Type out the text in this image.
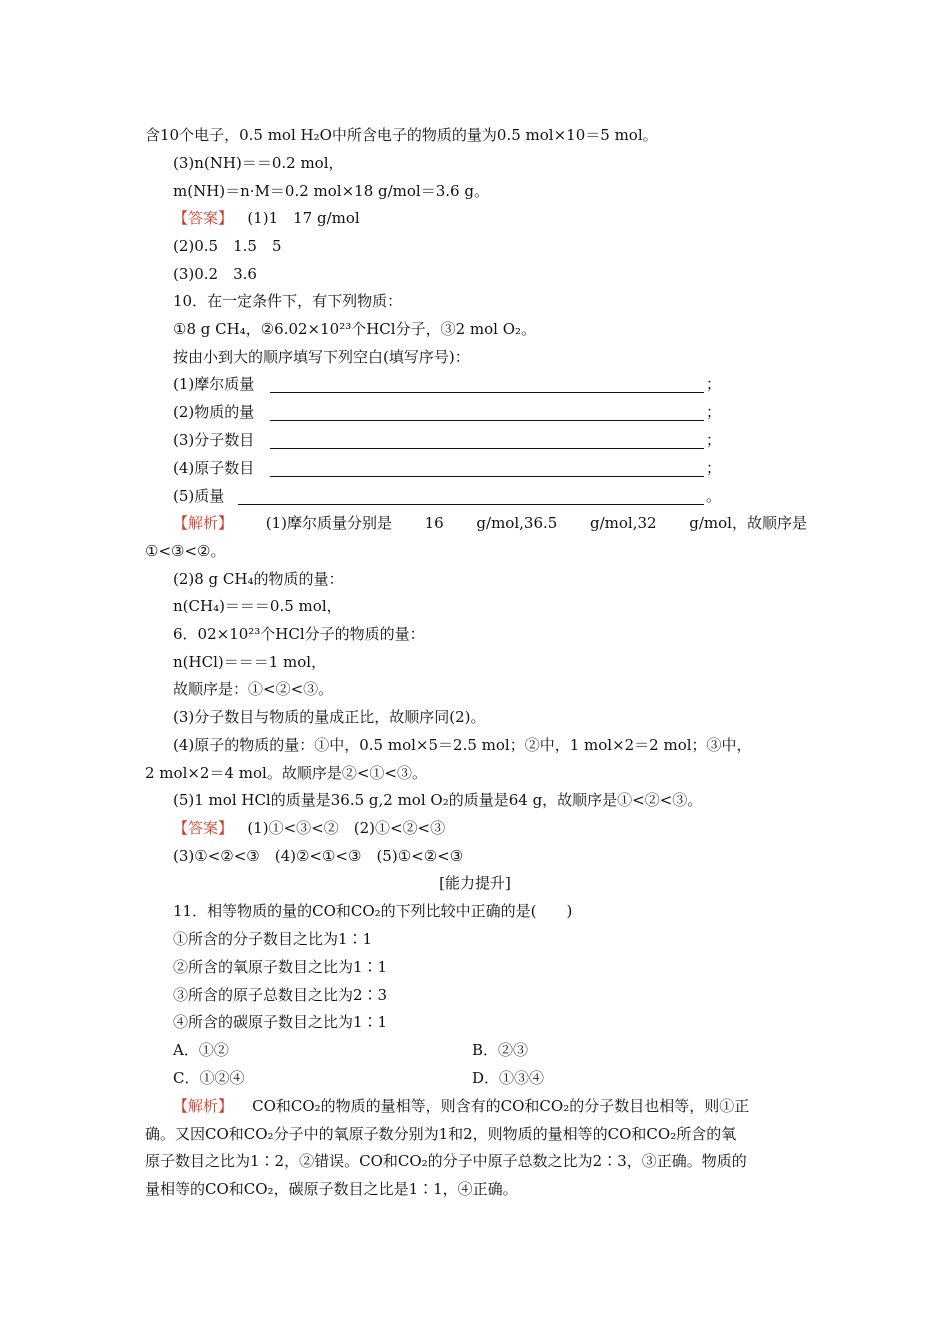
含10个电子，0.5 mol H₂O中所含电子的物质的量为0.5 mol×10＝5 mol。
(3)n(NH)＝＝0.2 mol，
m(NH)＝n·M＝0.2 mol×18 g/mol＝3.6 g。
【答案】 (1)1　17 g/mol
(2)0.5　1.5　5
(3)0.2　3.6
10．在一定条件下，有下列物质：
①8 g CH₄，②6.02×10²³个HCl分子，③2 mol O₂。
按由小到大的顺序填写下列空白(填写序号)：
(1)摩尔质量	；
(2)物质的量	；
(3)分子数目	；
(4)原子数目	；
(5)质量	。
【解析】 (1)摩尔质量分别是 16 g/mol,36.5 g/mol,32 g/mol，故顺序是
①<③<②。
(2)8 g CH₄的物质的量：
n(CH₄)＝＝＝0.5 mol，
6．02×10²³个HCl分子的物质的量：
n(HCl)＝＝＝1 mol，
故顺序是：①<②<③。
(3)分子数目与物质的量成正比，故顺序同(2)。
(4)原子的物质的量：①中，0.5 mol×5＝2.5 mol；②中，1 mol×2＝2 mol；③中，
2 mol×2＝4 mol。故顺序是②<①<③。
(5)1 mol HCl的质量是36.5 g,2 mol O₂的质量是64 g，故顺序是①<②<③。
【答案】 (1)①<③<②　(2)①<②<③
(3)①<②<③　(4)②<①<③　(5)①<②<③
[能力提升]
11．相等物质的量的CO和CO₂的下列比较中正确的是(　　)
①所含的分子数目之比为1∶1
②所含的氧原子数目之比为1∶1
③所含的原子总数目之比为2∶3
④所含的碳原子数目之比为1∶1
A．①②	B．②③
C．①②④	D．①③④
【解析】 CO和CO₂的物质的量相等，则含有的CO和CO₂的分子数目也相等，则①正
确。又因CO和CO₂分子中的氧原子数分别为1和2，则物质的量相等的CO和CO₂所含的氧
原子数目之比为1∶2，②错误。CO和CO₂的分子中原子总数之比为2∶3，③正确。物质的
量相等的CO和CO₂，碳原子数目之比是1∶1，④正确。
